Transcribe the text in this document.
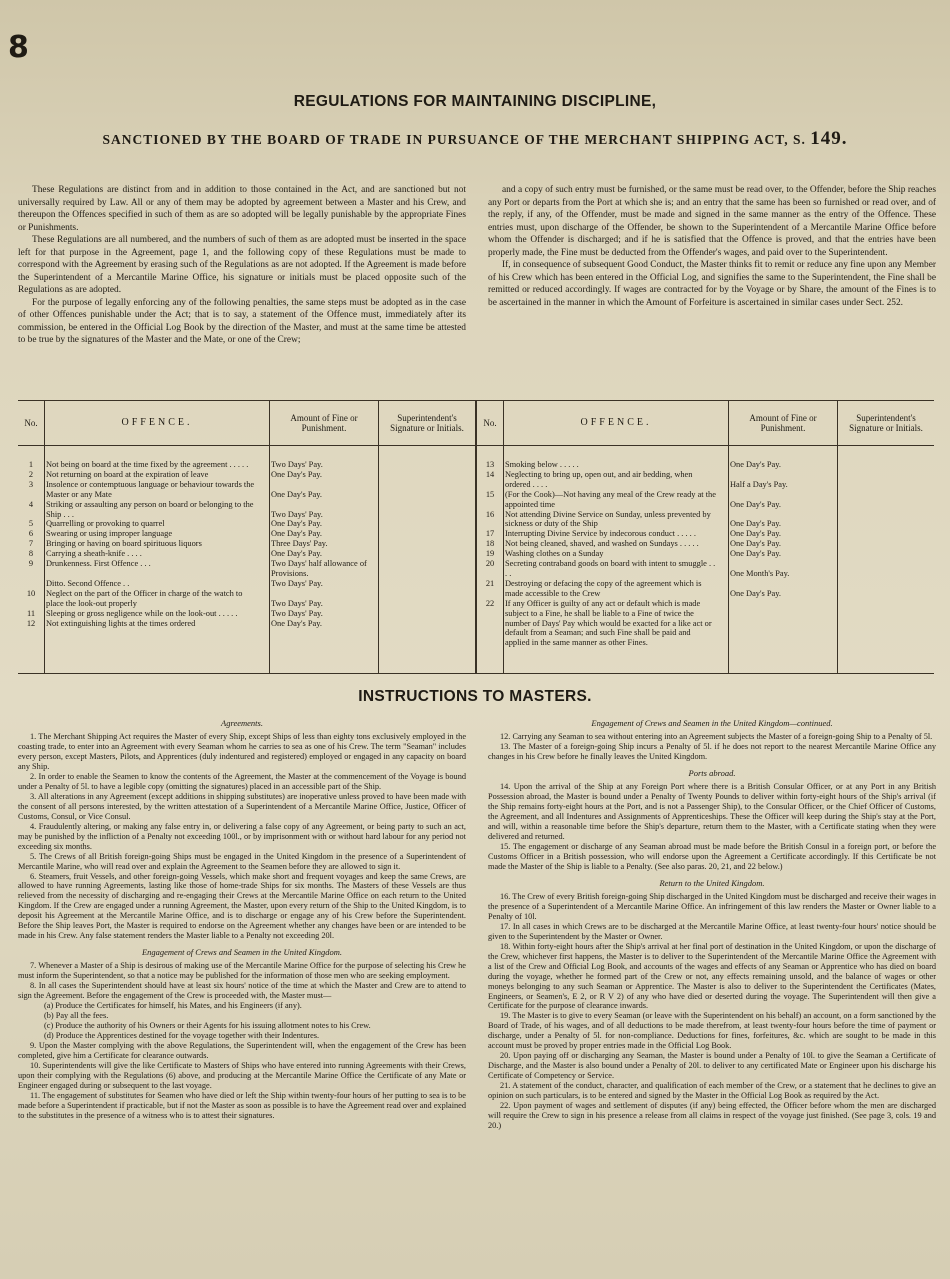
8
REGULATIONS FOR MAINTAINING DISCIPLINE,
SANCTIONED BY THE BOARD OF TRADE IN PURSUANCE OF THE MERCHANT SHIPPING ACT, S. 149.

These Regulations are distinct from and in addition to those contained in the Act, and are sanctioned but not universally required by Law. All or any of them may be adopted by agreement between a Master and his Crew, and thereupon the Offences specified in such of them as are so adopted will be legally punishable by the appropriate Fines or Punishments.

These Regulations are all numbered, and the numbers of such of them as are adopted must be inserted in the space left for that purpose in the Agreement, page 1, and the following copy of these Regulations must be made to correspond with the Agreement by erasing such of the Regulations as are not adopted. If the Agreement is made before the Superintendent of a Mercantile Marine Office, his signature or initials must be placed opposite such of the Regulations as are adopted.

For the purpose of legally enforcing any of the following penalties, the same steps must be adopted as in the case of other Offences punishable under the Act; that is to say, a statement of the Offence must, immediately after its commission, be entered in the Official Log Book by the direction of the Master, and must at the same time be attested to be true by the signatures of the Master and the Mate, or one of the Crew;

and a copy of such entry must be furnished, or the same must be read over, to the Offender, before the Ship reaches any Port or departs from the Port at which she is; and an entry that the same has been so furnished or read over, and of the reply, if any, of the Offender, must be made and signed in the same manner as the entry of the Offence. These entries must, upon discharge of the Offender, be shown to the Superintendent of a Mercantile Marine Office before whom the Offender is discharged; and if he is satisfied that the Offence is proved, and that the entries have been properly made, the Fine must be deducted from the Offender's wages, and paid over to the Superintendent.

If, in consequence of subsequent Good Conduct, the Master thinks fit to remit or reduce any fine upon any Member of his Crew which has been entered in the Official Log, and signifies the same to the Superintendent, the Fine shall be remitted or reduced accordingly. If wages are contracted for by the Voyage or by Share, the amount of the Fines is to be ascertained in the manner in which the Amount of Forfeiture is ascertained in similar cases under Sect. 252.

No.	OFFENCE.	Amount of Fine or Punishment.
Superintendent's Signature or Initials.
1	Not being on board at the time fixed by the agreement . . . . .	Two Days' Pay.
2	Not returning on board at the expiration of leave	One Day's Pay.
3	Insolence or contemptuous language or behaviour towards the Master or any Mate	One Day's Pay.
4	Striking or assaulting any person on board or belonging to the Ship . . .	Two Days' Pay.
5	Quarrelling or provoking to quarrel	One Day's Pay.
6	Swearing or using improper language	One Day's Pay.
7	Bringing or having on board spirituous liquors	Three Days' Pay.
8	Carrying a sheath-knife . . . .	One Day's Pay.
9	Drunkenness. First Offence . . .	Two Days' half allowance of Provisions.
Ditto. Second Offence . .	Two Days' Pay.
10	Neglect on the part of the Officer in charge of the watch to place the look-out properly	Two Days' Pay.
11	Sleeping or gross negligence while on the look-out . . . . .	Two Days' Pay.
12	Not extinguishing lights at the times ordered	One Day's Pay.
No.	OFFENCE.	Amount of Fine or Punishment.
Superintendent's Signature or Initials.
13	Smoking below . . . . .	One Day's Pay.
14	Neglecting to bring up, open out, and air bedding, when ordered . . . .	Half a Day's Pay.
15	(For the Cook)—Not having any meal of the Crew ready at the appointed time	One Day's Pay.
16	Not attending Divine Service on Sunday, unless prevented by sickness or duty of the Ship	One Day's Pay.
17	Interrupting Divine Service by indecorous conduct . . . . .	One Day's Pay.
18	Not being cleaned, shaved, and washed on Sundays . . . . .	One Day's Pay.
19	Washing clothes on a Sunday	One Day's Pay.
20	Secreting contraband goods on board with intent to smuggle . . . .	One Month's Pay.
21	Destroying or defacing the copy of the agreement which is made accessible to the Crew	One Day's Pay.
22	If any Officer is guilty of any act or default which is made subject to a Fine, he shall be liable to a Fine of twice the number of Days' Pay which would be exacted for a like act or default from a Seaman; and such Fine shall be paid and applied in the same manner as other Fines.
INSTRUCTIONS TO MASTERS.
Agreements.

1. The Merchant Shipping Act requires the Master of every Ship, except Ships of less than eighty tons exclusively employed in the coasting trade, to enter into an Agreement with every Seaman whom he carries to sea as one of his Crew. The term "Seaman" includes every person, except Masters, Pilots, and Apprentices (duly indentured and registered) employed or engaged in any capacity on board any Ship.

2. In order to enable the Seamen to know the contents of the Agreement, the Master at the commencement of the Voyage is bound under a Penalty of 5l. to have a legible copy (omitting the signatures) placed in an accessible part of the Ship.

3. All alterations in any Agreement (except additions in shipping substitutes) are inoperative unless proved to have been made with the consent of all persons interested, by the written attestation of a Superintendent of a Mercantile Marine Office, Justice, Officer of Customs, Consul, or Vice Consul.

4. Fraudulently altering, or making any false entry in, or delivering a false copy of any Agreement, or being party to such an act, may be punished by the infliction of a Penalty not exceeding 100l., or by imprisonment with or without hard labour for any period not exceeding six months.

5. The Crews of all British foreign-going Ships must be engaged in the United Kingdom in the presence of a Superintendent of Mercantile Marine, who will read over and explain the Agreement to the Seamen before they are allowed to sign it.

6. Steamers, fruit Vessels, and other foreign-going Vessels, which make short and frequent voyages and keep the same Crews, are allowed to have running Agreements, lasting like those of home-trade Ships for six months. The Masters of these Vessels are thus relieved from the necessity of discharging and re-engaging their Crews at the Mercantile Marine Office on each return to the United Kingdom. If the Crew are engaged under a running Agreement, the Master, upon every return of the Ship to the United Kingdom, is to deposit his Agreement at the Mercantile Marine Office, and is to discharge or engage any of his Crew before the Superintendent. Before the Ship leaves Port, the Master is required to endorse on the Agreement whether any changes have been or are intended to be made in his Crew. Any false statement renders the Master liable to a Penalty not exceeding 20l.

Engagement of Crews and Seamen in the United Kingdom.

7. Whenever a Master of a Ship is desirous of making use of the Mercantile Marine Office for the purpose of selecting his Crew he must inform the Superintendent, so that a notice may be published for the information of those men who are seeking employment.

8. In all cases the Superintendent should have at least six hours' notice of the time at which the Master and Crew are to attend to sign the Agreement. Before the engagement of the Crew is proceeded with, the Master must—

(a) Produce the Certificates for himself, his Mates, and his Engineers (if any).

(b) Pay all the fees.

(c) Produce the authority of his Owners or their Agents for his issuing allotment notes to his Crew.

(d) Produce the Apprentices destined for the voyage together with their Indentures.

9. Upon the Master complying with the above Regulations, the Superintendent will, when the engagement of the Crew has been completed, give him a Certificate for clearance outwards.

10. Superintendents will give the like Certificate to Masters of Ships who have entered into running Agreements with their Crews, upon their complying with the Regulations (6) above, and producing at the Mercantile Marine Office the Certificate of any Mate or Engineer engaged during or subsequent to the last voyage.

11. The engagement of substitutes for Seamen who have died or left the Ship within twenty-four hours of her putting to sea is to be made before a Superintendent if practicable, but if not the Master as soon as possible is to have the Agreement read over and explained to the substitutes in the presence of a witness who is to attest their signatures.

Engagement of Crews and Seamen in the United Kingdom—continued.

12. Carrying any Seaman to sea without entering into an Agreement subjects the Master of a foreign-going Ship to a Penalty of 5l.

13. The Master of a foreign-going Ship incurs a Penalty of 5l. if he does not report to the nearest Mercantile Marine Office any changes in his Crew before he finally leaves the United Kingdom.

Ports abroad.

14. Upon the arrival of the Ship at any Foreign Port where there is a British Consular Officer, or at any Port in any British Possession abroad, the Master is bound under a Penalty of Twenty Pounds to deliver within forty-eight hours of the Ship's arrival (if the Ship remains forty-eight hours at the Port, and is not a Passenger Ship), to the Consular Officer, or the Chief Officer of Customs, the Agreement, and all Indentures and Assignments of Apprenticeships. These the Officer will keep during the Ship's stay at the Port, and will, within a reasonable time before the Ship's departure, return them to the Master, with a Certificate stating when they were delivered and returned.

15. The engagement or discharge of any Seaman abroad must be made before the British Consul in a foreign port, or before the Customs Officer in a British possession, who will endorse upon the Agreement a Certificate accordingly. If this Certificate be not made the Master of the Ship is liable to a Penalty. (See also paras. 20, 21, and 22 below.)

Return to the United Kingdom.

16. The Crew of every British foreign-going Ship discharged in the United Kingdom must be discharged and receive their wages in the presence of a Superintendent of a Mercantile Marine Office. An infringement of this law renders the Master or Owner liable to a Penalty of 10l.

17. In all cases in which Crews are to be discharged at the Mercantile Marine Office, at least twenty-four hours' notice should be given to the Superintendent by the Master or Owner.

18. Within forty-eight hours after the Ship's arrival at her final port of destination in the United Kingdom, or upon the discharge of the Crew, whichever first happens, the Master is to deliver to the Superintendent of the Mercantile Marine Office the Agreement with a list of the Crew and Official Log Book, and accounts of the wages and effects of any Seaman or Apprentice who has died on board during the voyage, whether he formed part of the Crew or not, any effects remaining unsold, and the balance of wages or other moneys belonging to any such Seaman or Apprentice. The Master is also to deliver to the Superintendent the Certificates (Mates, Engineers, or Seamen's, E 2, or R V 2) of any who have died or deserted during the voyage. The Superintendent will then give a Certificate for the purpose of clearance inwards.

19. The Master is to give to every Seaman (or leave with the Superintendent on his behalf) an account, on a form sanctioned by the Board of Trade, of his wages, and of all deductions to be made therefrom, at least twenty-four hours before the time of payment or discharge, under a Penalty of 5l. for non-compliance. Deductions for fines, forfeitures, &c. which are sought to be made in this account must be proved by proper entries made in the Official Log Book.

20. Upon paying off or discharging any Seaman, the Master is bound under a Penalty of 10l. to give the Seaman a Certificate of Discharge, and the Master is also bound under a Penalty of 20l. to deliver to any certificated Mate or Engineer upon his discharge his Certificate of Competency or Service.

21. A statement of the conduct, character, and qualification of each member of the Crew, or a statement that he declines to give an opinion on such particulars, is to be entered and signed by the Master in the Official Log Book as required by the Act.

22. Upon payment of wages and settlement of disputes (if any) being effected, the Officer before whom the men are discharged will require the Crew to sign in his presence a release from all claims in respect of the voyage just finished. (See page 3, cols. 19 and 20.)
